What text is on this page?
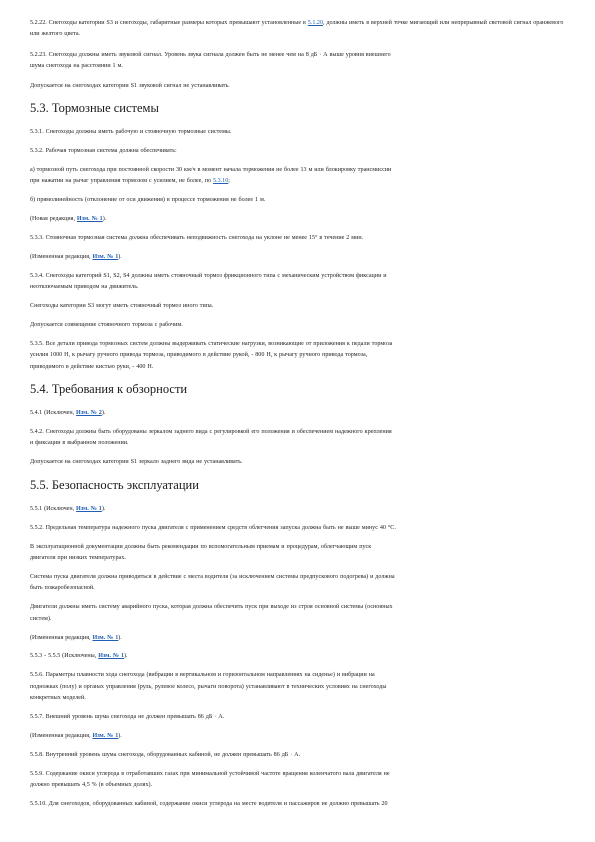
5.2.22. Снегоходы категории S3 и снегоходы, габаритные размеры которых превышают установленные в 5.1.20, должны иметь в верхней точке мигающий или непрерывный световой сигнал оранжевого или желтого цвета.

5.2.23. Снегоходы должны иметь звуковой сигнал. Уровень звука сигнала должен быть не менее чем на 8 дБ · А выше уровня внешнего
шума снегохода на расстоянии 1 м.

Допускается на снегоходах категории S1 звуковой сигнал не устанавливать.

5.3. Тормозные системы

5.3.1. Снегоходы должны иметь рабочую и стояночную тормозные системы.

5.3.2. Рабочая тормозная система должна обеспечивать:

а) тормозной путь снегохода при постоянной скорости 30 км/ч в момент начала торможения не более 13 м или блокировку трансмиссии
при нажатии на рычаг управления тормозом с усилием, не более, по 5.3.10;

б) прямолинейность (отклонение от оси движения) в процессе торможения не более 1 м.

(Новая редакция, Изм. № 1).

5.3.3. Стояночная тормозная система должна обеспечивать неподвижность снегохода на уклоне не менее 15° в течение 2 мин.

(Измененная редакция, Изм. № 1).

5.3.4. Снегоходы категорий S1, S2, S4 должны иметь стояночный тормоз фрикционного типа с механическим устройством фиксации и
неотключаемым приводом на движитель.

Снегоходы категории S3 могут иметь стояночный тормоз иного типа.

Допускается совмещение стояночного тормоза с рабочим.

5.3.5. Все детали привода тормозных систем должны выдерживать статические нагрузки, возникающие от приложения к педали тормоза
усилия 1000 Н, к рычагу ручного привода тормоза, приводимого в действие рукой, - 800 Н, к рычагу ручного привода тормоза,
приводимого в действие кистью руки, - 400 Н.

5.4. Требования к обзорности

5.4.1 (Исключен, Изм. № 2).

5.4.2. Снегоходы должны быть оборудованы зеркалом заднего вида с регулировкой его положения и обеспечением надежного крепления
и фиксации в выбранном положении.

Допускается на снегоходах категории S1 зеркало заднего вида не устанавливать.

5.5. Безопасность эксплуатации

5.5.1 (Исключен, Изм. № 1).

5.5.2. Предельная температура надежного пуска двигателя с применением средств облегчения запуска должна быть не выше минус 40 °С.

В эксплуатационной документации должны быть рекомендации по вспомогательным приемам и процедурам, облегчающим пуск
двигателя при низких температурах.

Система пуска двигателя должна приводиться в действие с места водителя (за исключением системы предпускового подогрева) и должна
быть пожаробезопасной.

Двигатели должны иметь систему аварийного пуска, которая должна обеспечить пуск при выходе из строя основной системы (основных
систем).

(Измененная редакция, Изм. № 1).

5.5.3 - 5.5.5 (Исключены, Изм. № 1).

5.5.6. Параметры плавности хода снегохода (вибрации в вертикальном и горизонтальном направлениях на сиденье) и вибрации на
подножках (полу) и органах управления (руль, рулевое колесо, рычаги поворота) устанавливают в технических условиях на снегоходы
конкретных моделей.

5.5.7. Внешний уровень шума снегохода не должен превышать 86 дБ · А.

(Измененная редакция, Изм. № 1).

5.5.8. Внутренний уровень шума снегохода, оборудованных кабиной, не должен превышать 86 дБ · А.

5.5.9. Содержание окиси углерода в отработавших газах при минимальной устойчивой частоте вращения коленчатого вала двигателя не
должно превышать 4,5 % (в объемных долях).

5.5.10. Для снегоходов, оборудованных кабиной, содержание окиси углерода на месте водителя и пассажиров не должно превышать 20
